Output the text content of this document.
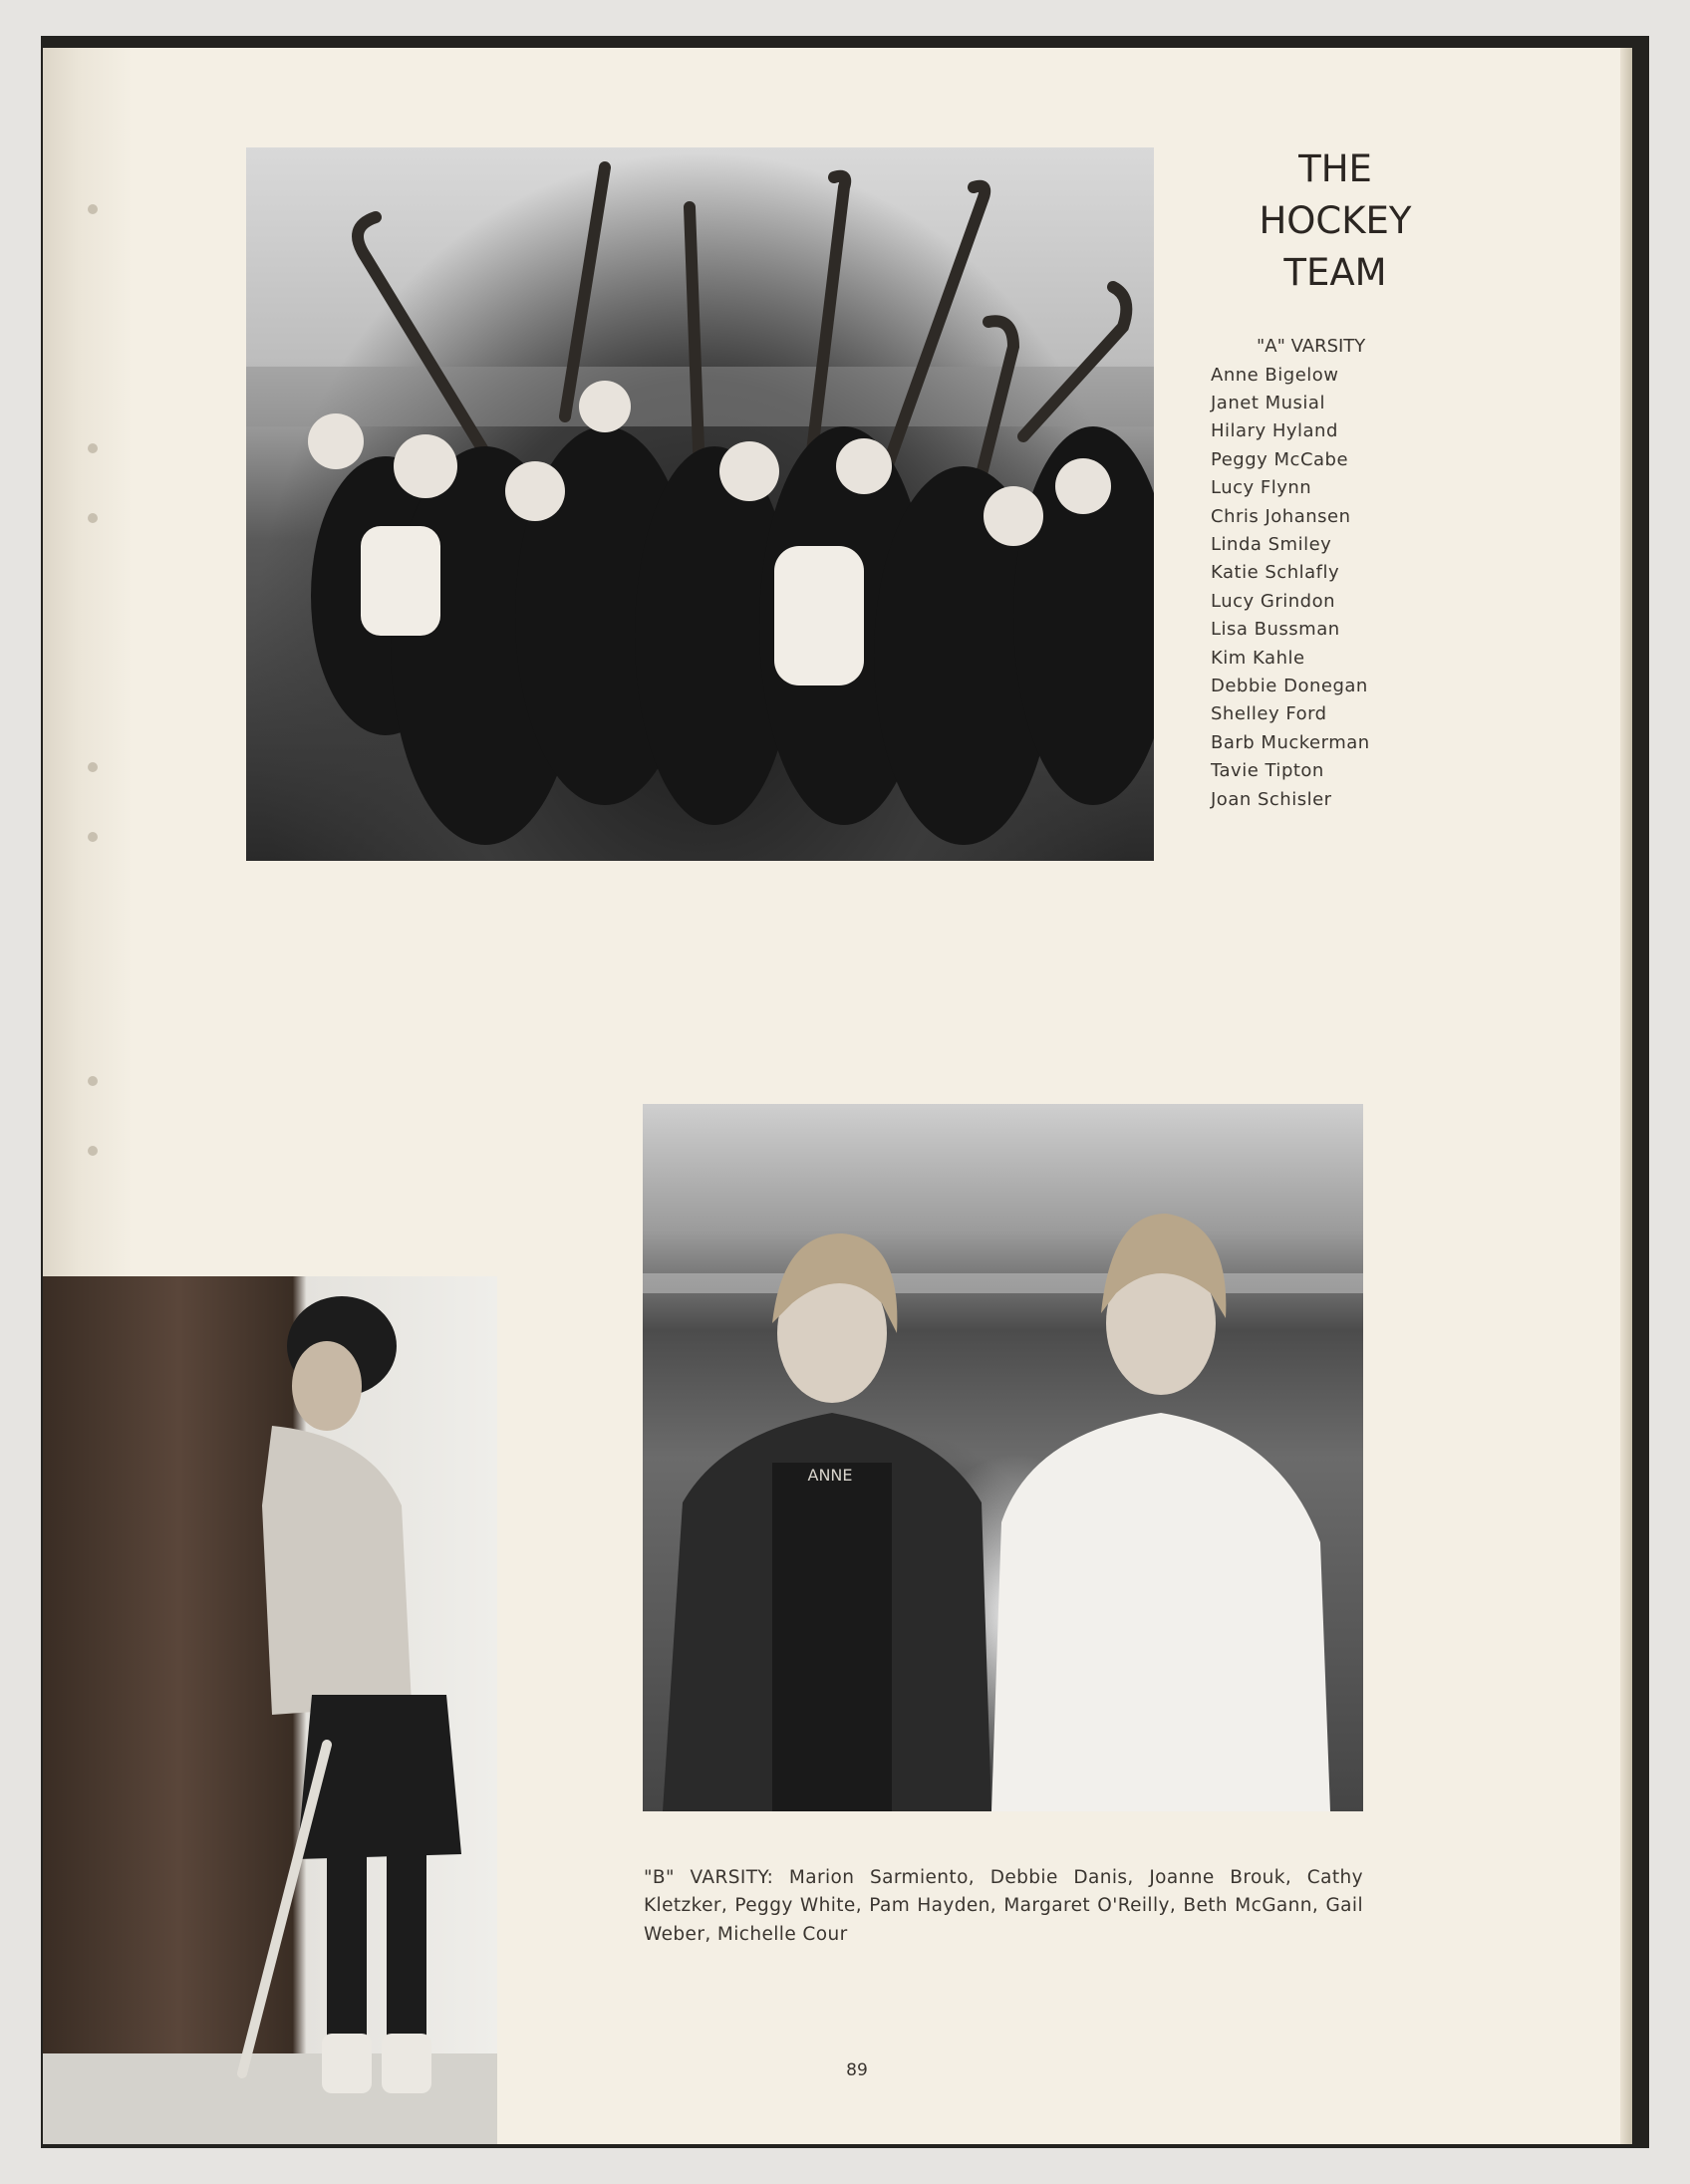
THE
HOCKEY
TEAM
"A" VARSITY
Anne Bigelow
Janet Musial
Hilary Hyland
Peggy McCabe
Lucy Flynn
Chris Johansen
Linda Smiley
Katie Schlafly
Lucy Grindon
Lisa Bussman
Kim Kahle
Debbie Donegan
Shelley Ford
Barb Muckerman
Tavie Tipton
Joan Schisler
ANNE

"B" VARSITY: Marion Sarmiento, Debbie Danis, Joanne Brouk, Cathy Kletzker, Peggy White, Pam Hayden, Margaret O'Reilly, Beth McGann, Gail Weber, Michelle Cour

89
